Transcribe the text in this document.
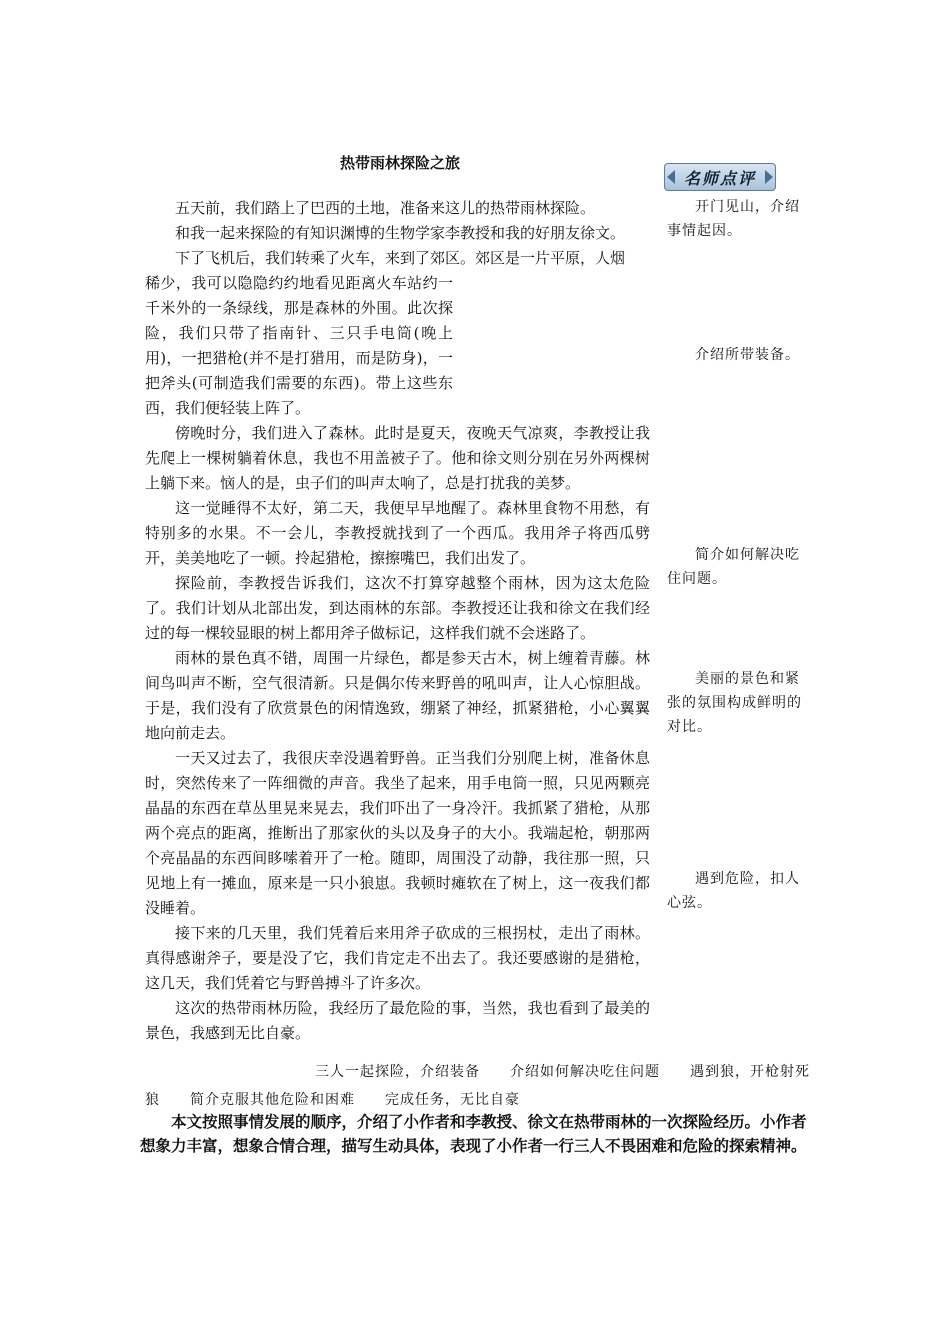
热带雨林探险之旅
名师点评

五天前，我们踏上了巴西的土地，准备来这儿的热带雨林探险。

和我一起来探险的有知识渊博的生物学家李教授和我的好朋友徐文。

下了飞机后，我们转乘了火车，来到了郊区。郊区是一片平原，人烟

稀少，我可以隐隐约约地看见距离火车站约一千米外的一条绿线，那是森林的外围。此次探险，我们只带了指南针、三只手电筒(晚上用)，一把猎枪(并不是打猎用，而是防身)，一把斧头(可制造我们需要的东西)。带上这些东西，我们便轻装上阵了。

傍晚时分，我们进入了森林。此时是夏天，夜晚天气凉爽，李教授让我先爬上一棵树躺着休息，我也不用盖被子了。他和徐文则分别在另外两棵树上躺下来。恼人的是，虫子们的叫声太响了，总是打扰我的美梦。

这一觉睡得不太好，第二天，我便早早地醒了。森林里食物不用愁，有特别多的水果。不一会儿，李教授就找到了一个西瓜。我用斧子将西瓜劈开，美美地吃了一顿。拎起猎枪，擦擦嘴巴，我们出发了。

探险前，李教授告诉我们，这次不打算穿越整个雨林，因为这太危险了。我们计划从北部出发，到达雨林的东部。李教授还让我和徐文在我们经过的每一棵较显眼的树上都用斧子做标记，这样我们就不会迷路了。

雨林的景色真不错，周围一片绿色，都是参天古木，树上缠着青藤。林间鸟叫声不断，空气很清新。只是偶尔传来野兽的吼叫声，让人心惊胆战。于是，我们没有了欣赏景色的闲情逸致，绷紧了神经，抓紧猎枪，小心翼翼地向前走去。

一天又过去了，我很庆幸没遇着野兽。正当我们分别爬上树，准备休息时，突然传来了一阵细微的声音。我坐了起来，用手电筒一照，只见两颗亮晶晶的东西在草丛里晃来晃去，我们吓出了一身冷汗。我抓紧了猎枪，从那两个亮点的距离，推断出了那家伙的头以及身子的大小。我端起枪，朝那两个亮晶晶的东西间眵嗦着开了一枪。随即，周围没了动静，我往那一照，只见地上有一摊血，原来是一只小狼崽。我顿时瘫软在了树上，这一夜我们都没睡着。

接下来的几天里，我们凭着后来用斧子砍成的三根拐杖，走出了雨林。真得感谢斧子，要是没了它，我们肯定走不出去了。我还要感谢的是猎枪，这几天，我们凭着它与野兽搏斗了许多次。

这次的热带雨林历险，我经历了最危险的事，当然，我也看到了最美的景色，我感到无比自豪。

开门见山，介绍事情起因。
介绍所带装备。
简介如何解决吃住问题。
美丽的景色和紧张的氛围构成鲜明的对比。
遇到危险，扣人心弦。
三人一起探险，介绍装备　　介绍如何解决吃住问题　　遇到狼，开枪射死
狼　　简介克服其他危险和困难　　完成任务，无比自豪
本文按照事情发展的顺序，介绍了小作者和李教授、徐文在热带雨林的一次探险经历。小作者想象力丰富，想象合情合理，描写生动具体，表现了小作者一行三人不畏困难和危险的探索精神。
